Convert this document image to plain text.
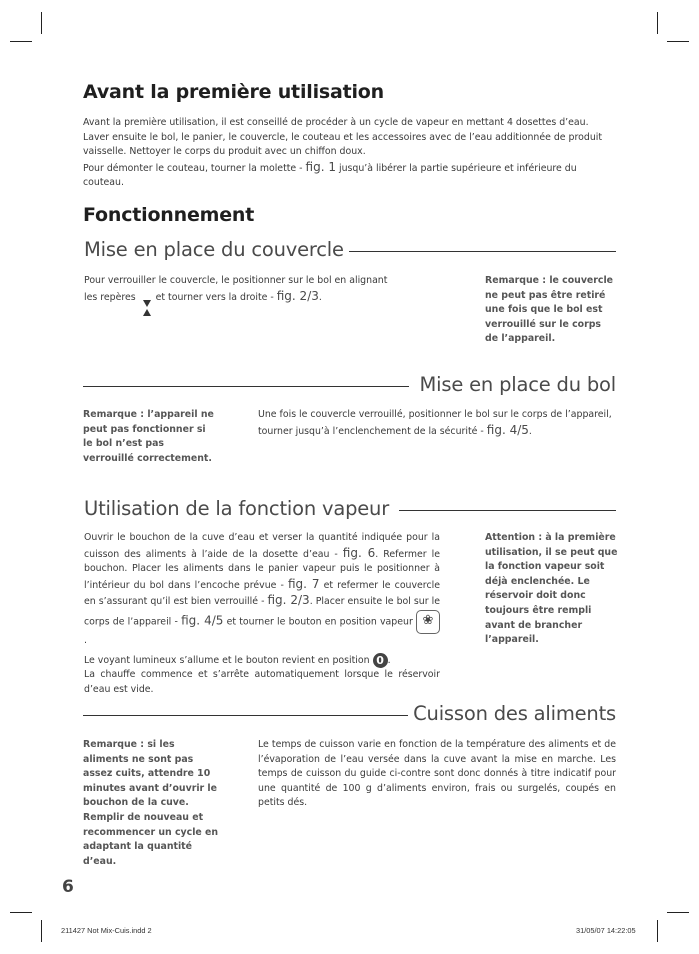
Avant la première utilisation

Avant la première utilisation, il est conseillé de procéder à un cycle de vapeur en mettant 4 dosettes d’eau. Laver ensuite le bol, le panier, le couvercle, le couteau et les accessoires avec de l’eau additionnée de produit vaisselle. Nettoyer le corps du produit avec un chiffon doux.

Pour démonter le couteau, tourner la molette - fig. 1 jusqu’à libérer la partie supérieure et inférieure du couteau.

Fonctionnement
Mise en place du couvercle

Pour verrouiller le couvercle, le positionner sur le bol en alignant

les repères
et tourner vers la droite - fig. 2/3.

Remarque : le couvercle ne peut pas être retiré une fois que le bol est verrouillé sur le corps de l’appareil.
Mise en place du bol
Remarque : l’appareil ne peut pas fonctionner si le bol n’est pas verrouillé correctement.

Une fois le couvercle verrouillé, positionner le bol sur le corps de l’appareil, tourner jusqu’à l’enclenchement de la sécurité - fig. 4/5.

Utilisation de la fonction vapeur

Ouvrir le bouchon de la cuve d’eau et verser la quantité indiquée pour la cuisson des aliments à l’aide de la dosette d’eau - fig. 6. Refermer le bouchon. Placer les aliments dans le panier vapeur puis le positionner à l’intérieur du bol dans l’encoche prévue - fig. 7 et refermer le couvercle en s’assurant qu’il est bien verrouillé - fig. 2/3. Placer ensuite le bol sur le corps de l’appareil - fig. 4/5 et tourner le bouton en position vapeur ❀ .

Le voyant lumineux s’allume et le bouton revient en position 0 .

La chauffe commence et s’arrête automatiquement lorsque le réservoir d’eau est vide.

Attention : à la première utilisation, il se peut que la fonction vapeur soit déjà enclenchée. Le réservoir doit donc toujours être rempli avant de brancher l’appareil.
Cuisson des aliments
Remarque : si les aliments ne sont pas assez cuits, attendre 10 minutes avant d’ouvrir le bouchon de la cuve. Remplir de nouveau et recommencer un cycle en adaptant la quantité d’eau.
Le temps de cuisson varie en fonction de la température des aliments et de l’évaporation de l’eau versée dans la cuve avant la mise en marche. Les temps de cuisson du guide ci-contre sont donc donnés à titre indicatif pour une quantité de 100 g d’aliments environ, frais ou surgelés, coupés en petits dés.
6
211427 Not Mix-Cuis.indd 2	31/05/07 14:22:05
